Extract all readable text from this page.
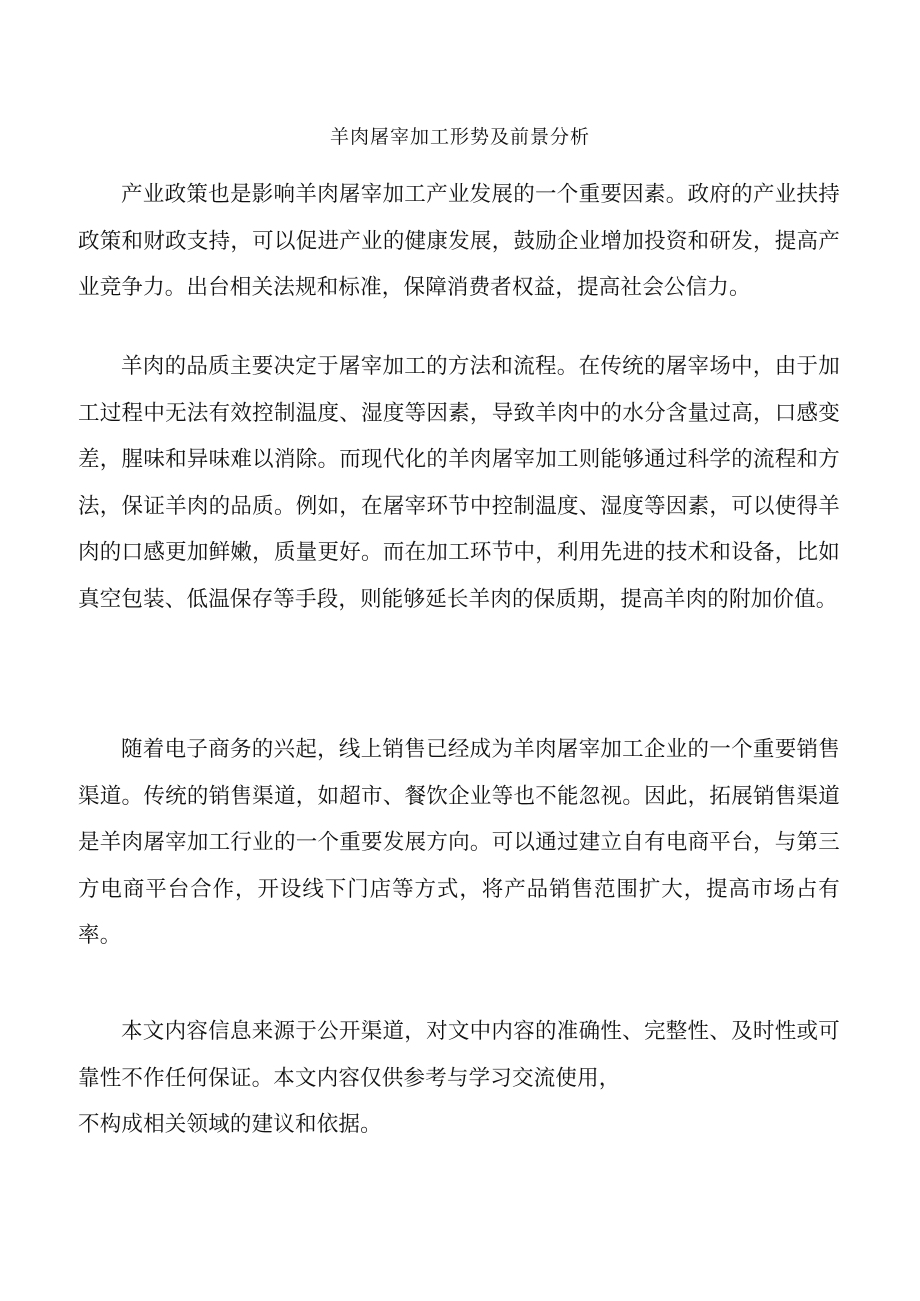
羊肉屠宰加工形势及前景分析

产业政策也是影响羊肉屠宰加工产业发展的一个重要因素。政府的产业扶持政策和财政支持，可以促进产业的健康发展，鼓励企业增加投资和研发，提高产业竞争力。出台相关法规和标准，保障消费者权益，提高社会公信力。

羊肉的品质主要决定于屠宰加工的方法和流程。在传统的屠宰场中，由于加工过程中无法有效控制温度、湿度等因素，导致羊肉中的水分含量过高，口感变差，腥味和异味难以消除。而现代化的羊肉屠宰加工则能够通过科学的流程和方法，保证羊肉的品质。例如，在屠宰环节中控制温度、湿度等因素，可以使得羊肉的口感更加鲜嫩，质量更好。而在加工环节中，利用先进的技术和设备，比如真空包装、低温保存等手段，则能够延长羊肉的保质期，提高羊肉的附加价值。

随着电子商务的兴起，线上销售已经成为羊肉屠宰加工企业的一个重要销售渠道。传统的销售渠道，如超市、餐饮企业等也不能忽视。因此，拓展销售渠道是羊肉屠宰加工行业的一个重要发展方向。可以通过建立自有电商平台，与第三方电商平台合作，开设线下门店等方式，将产品销售范围扩大，提高市场占有率。

本文内容信息来源于公开渠道，对文中内容的准确性、完整性、及时性或可靠性不作任何保证。本文内容仅供参考与学习交流使用，
不构成相关领域的建议和依据。
